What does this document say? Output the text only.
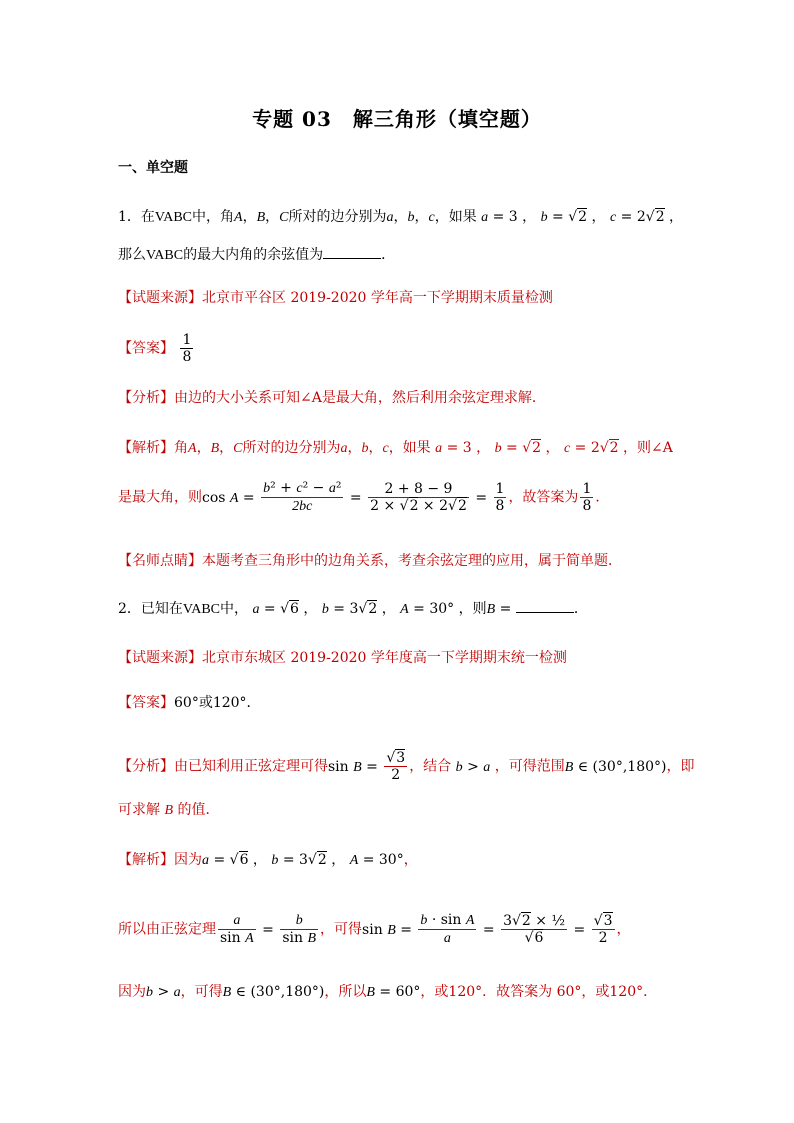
专题 03　解三角形（填空题）
一、单空题
1．在VABC中，角A，B，C所对的边分别为a，b，c，如果 a = 3 ， b = √2 ， c = 2√2 ，
那么VABC的最大内角的余弦值为	．
【试题来源】北京市平谷区 2019-2020 学年高一下学期期末质量检测
【答案】 $\frac{1}{8}$
【分析】由边的大小关系可知∠A是最大角，然后利用余弦定理求解．
【解析】角A，B，C所对的边分别为a，b，c，如果 a = 3 ， b = √2 ， c = 2√2 ，则∠A
是最大角，则$\cos A = \frac{\text{b² + c² − a²}}{2bc} = \frac{2 + 8 - 9}{2 \times √2 \times 2√2} = \frac{1}{8}$ ，故答案为 $\frac{1}{8}$ ．
【名师点睛】本题考查三角形中的边角关系，考查余弦定理的应用，属于简单题．
2．已知在VABC中， a = √6 ， b = 3√2 ， A = 30° ，则B =	．
【试题来源】北京市东城区 2019-2020 学年度高一下学期期末统一检测
【答案】60°或120°．
【分析】由已知利用正弦定理可得$\sin B = \frac{√3}{2}$ ，结合 b > a ，可得范围B ∈ (30°,180°)，即
可求解 B 的值．
【解析】因为a = √6 ， b = 3√2 ， A = 30°，
所以由正弦定理 $\frac{a}{\text{sin A}} = \frac{b}{\text{sin B}}$ ，可得$\sin B = \frac{\text{b · sin A}}{a} = \frac{\text{3√2 × ½}}{√6} = \frac{√3}{2}$ ，
因为b > a，可得B ∈ (30°,180°)，所以B = 60°，或120°．故答案为 60°，或120°．
